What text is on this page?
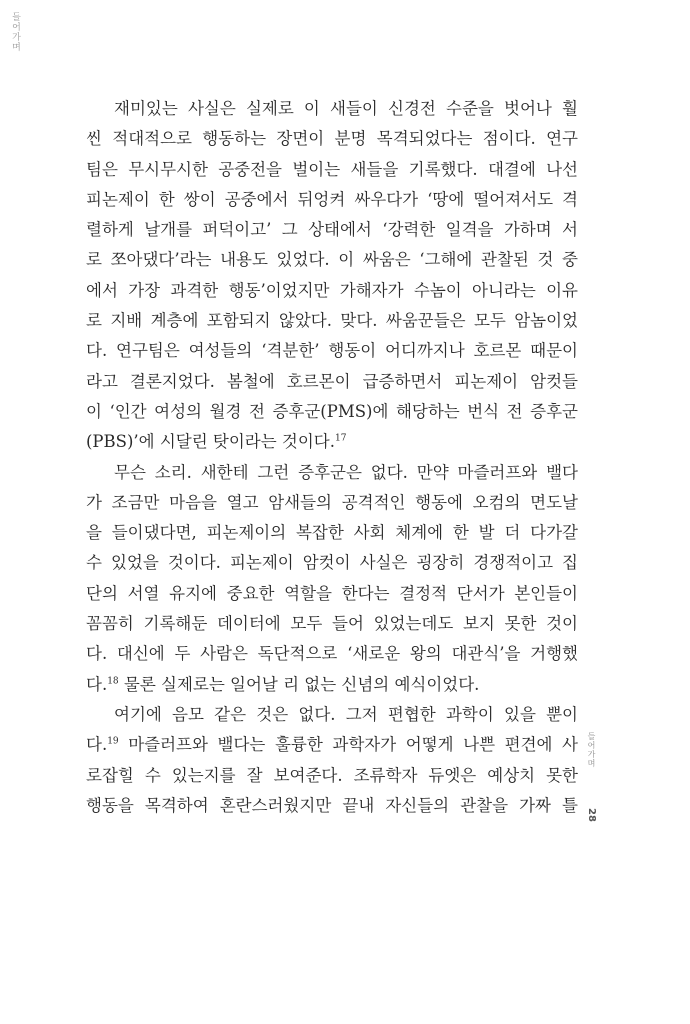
들어가며
재미있는 사실은 실제로 이 새들이 신경전 수준을 벗어나 훨
씬 적대적으로 행동하는 장면이 분명 목격되었다는 점이다. 연구
팀은 무시무시한 공중전을 벌이는 새들을 기록했다. 대결에 나선
피논제이 한 쌍이 공중에서 뒤엉켜 싸우다가 ‘땅에 떨어져서도 격
렬하게 날개를 퍼덕이고’ 그 상태에서 ‘강력한 일격을 가하며 서
로 쪼아댔다’라는 내용도 있었다. 이 싸움은 ‘그해에 관찰된 것 중
에서 가장 과격한 행동’이었지만 가해자가 수놈이 아니라는 이유
로 지배 계층에 포함되지 않았다. 맞다. 싸움꾼들은 모두 암놈이었
다. 연구팀은 여성들의 ‘격분한’ 행동이 어디까지나 호르몬 때문이
라고 결론지었다. 봄철에 호르몬이 급증하면서 피논제이 암컷들
이 ‘인간 여성의 월경 전 증후군(PMS)에 해당하는 번식 전 증후군
(PBS)’에 시달린 탓이라는 것이다.$^{17}$
무슨 소리. 새한테 그런 증후군은 없다. 만약 마즐러프와 밸다
가 조금만 마음을 열고 암새들의 공격적인 행동에 오컴의 면도날
을 들이댔다면, 피논제이의 복잡한 사회 체계에 한 발 더 다가갈
수 있었을 것이다. 피논제이 암컷이 사실은 굉장히 경쟁적이고 집
단의 서열 유지에 중요한 역할을 한다는 결정적 단서가 본인들이
꼼꼼히 기록해둔 데이터에 모두 들어 있었는데도 보지 못한 것이
다. 대신에 두 사람은 독단적으로 ‘새로운 왕의 대관식’을 거행했
다.$^{18}$ 물론 실제로는 일어날 리 없는 신념의 예식이었다.
여기에 음모 같은 것은 없다. 그저 편협한 과학이 있을 뿐이
다.$^{19}$ 마즐러프와 밸다는 훌륭한 과학자가 어떻게 나쁜 편견에 사
로잡힐 수 있는지를 잘 보여준다. 조류학자 듀엣은 예상치 못한
행동을 목격하여 혼란스러웠지만 끝내 자신들의 관찰을 가짜 틀
들어가며
28
